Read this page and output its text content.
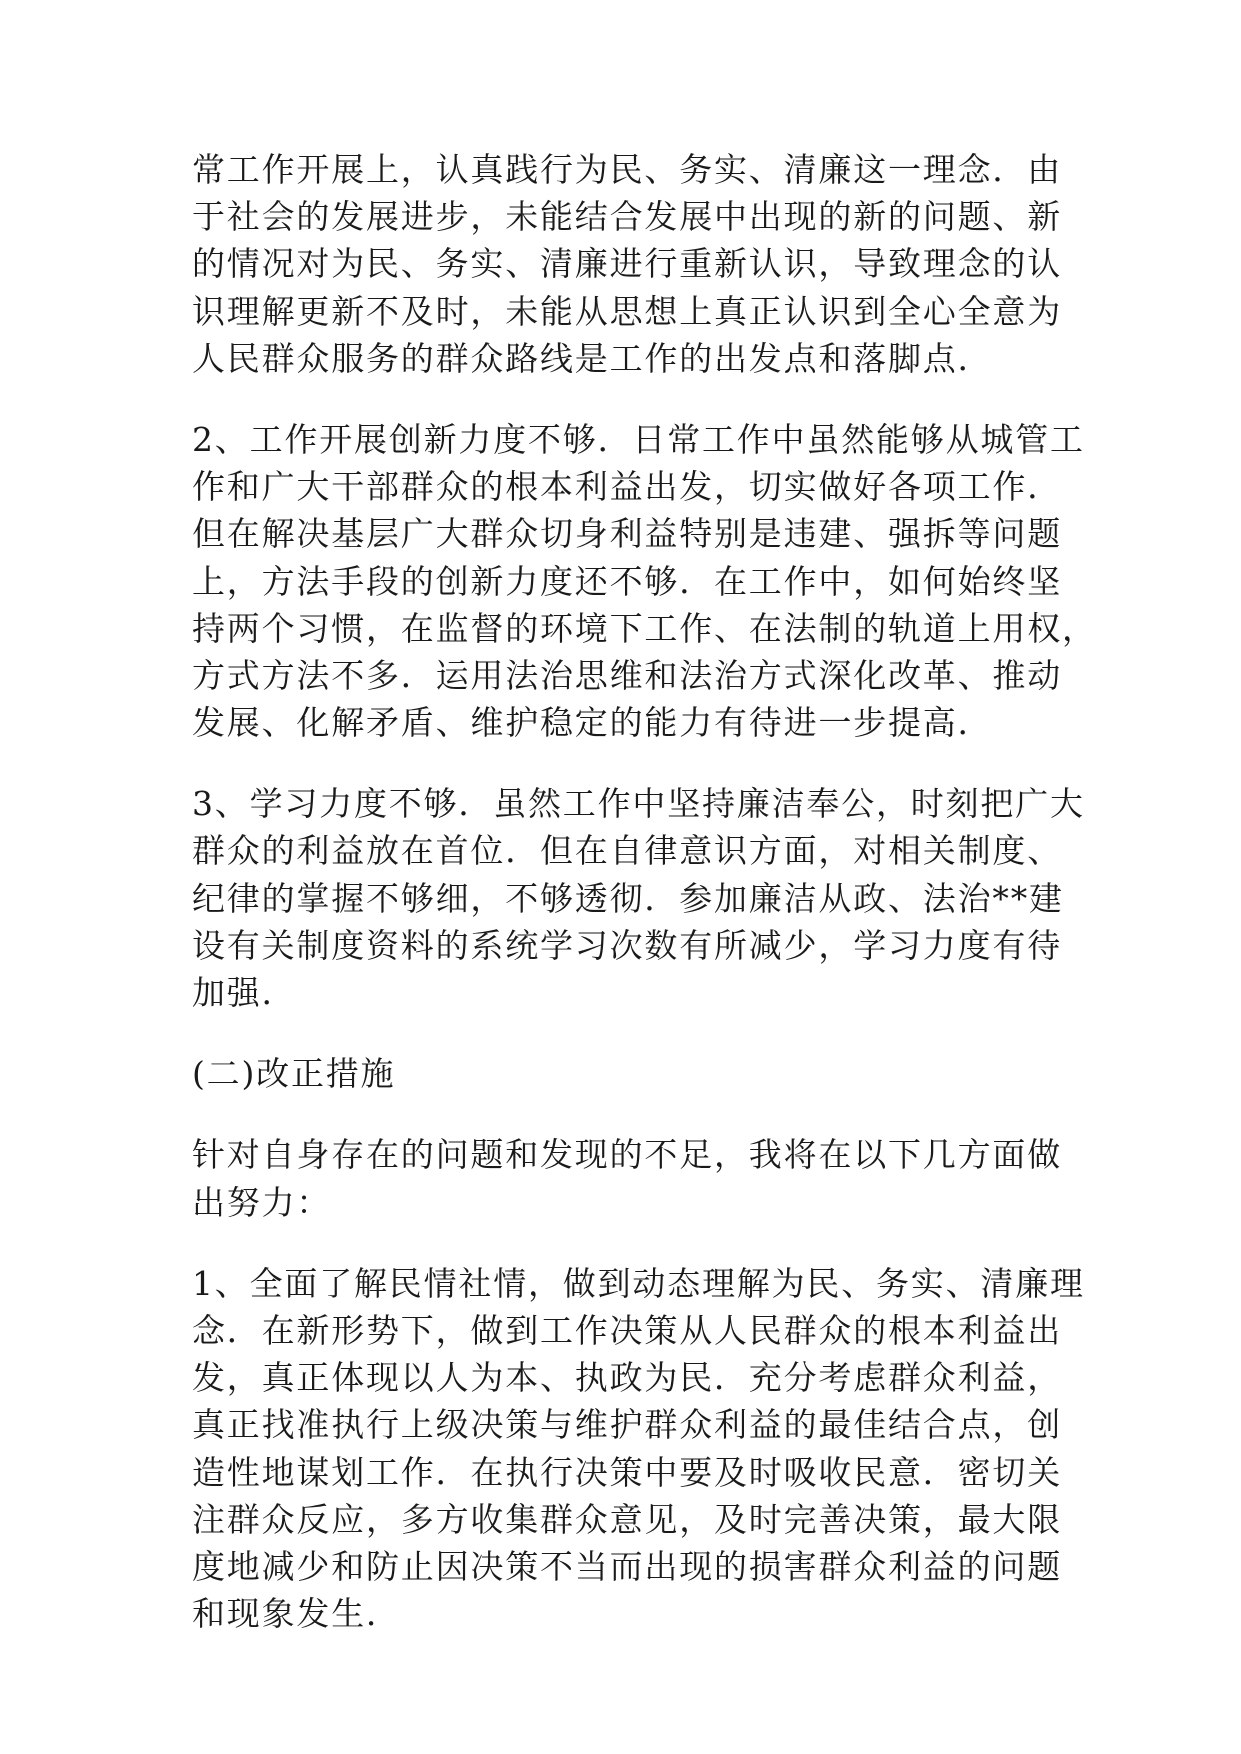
常工作开展上，认真践行为民、务实、清廉这一理念．由
于社会的发展进步，未能结合发展中出现的新的问题、新
的情况对为民、务实、清廉进行重新认识，导致理念的认
识理解更新不及时，未能从思想上真正认识到全心全意为
人民群众服务的群众路线是工作的出发点和落脚点．
2、工作开展创新力度不够．日常工作中虽然能够从城管工
作和广大干部群众的根本利益出发，切实做好各项工作．
但在解决基层广大群众切身利益特别是违建、强拆等问题
上，方法手段的创新力度还不够．在工作中，如何始终坚
持两个习惯，在监督的环境下工作、在法制的轨道上用权，
方式方法不多．运用法治思维和法治方式深化改革、推动
发展、化解矛盾、维护稳定的能力有待进一步提高．
3、学习力度不够．虽然工作中坚持廉洁奉公，时刻把广大
群众的利益放在首位．但在自律意识方面，对相关制度、
纪律的掌握不够细，不够透彻．参加廉洁从政、法治**建
设有关制度资料的系统学习次数有所减少，学习力度有待
加强．
(二)改正措施
针对自身存在的问题和发现的不足，我将在以下几方面做
出努力：
1、全面了解民情社情，做到动态理解为民、务实、清廉理
念．在新形势下，做到工作决策从人民群众的根本利益出
发，真正体现以人为本、执政为民．充分考虑群众利益，
真正找准执行上级决策与维护群众利益的最佳结合点，创
造性地谋划工作．在执行决策中要及时吸收民意．密切关
注群众反应，多方收集群众意见，及时完善决策，最大限
度地减少和防止因决策不当而出现的损害群众利益的问题
和现象发生．
